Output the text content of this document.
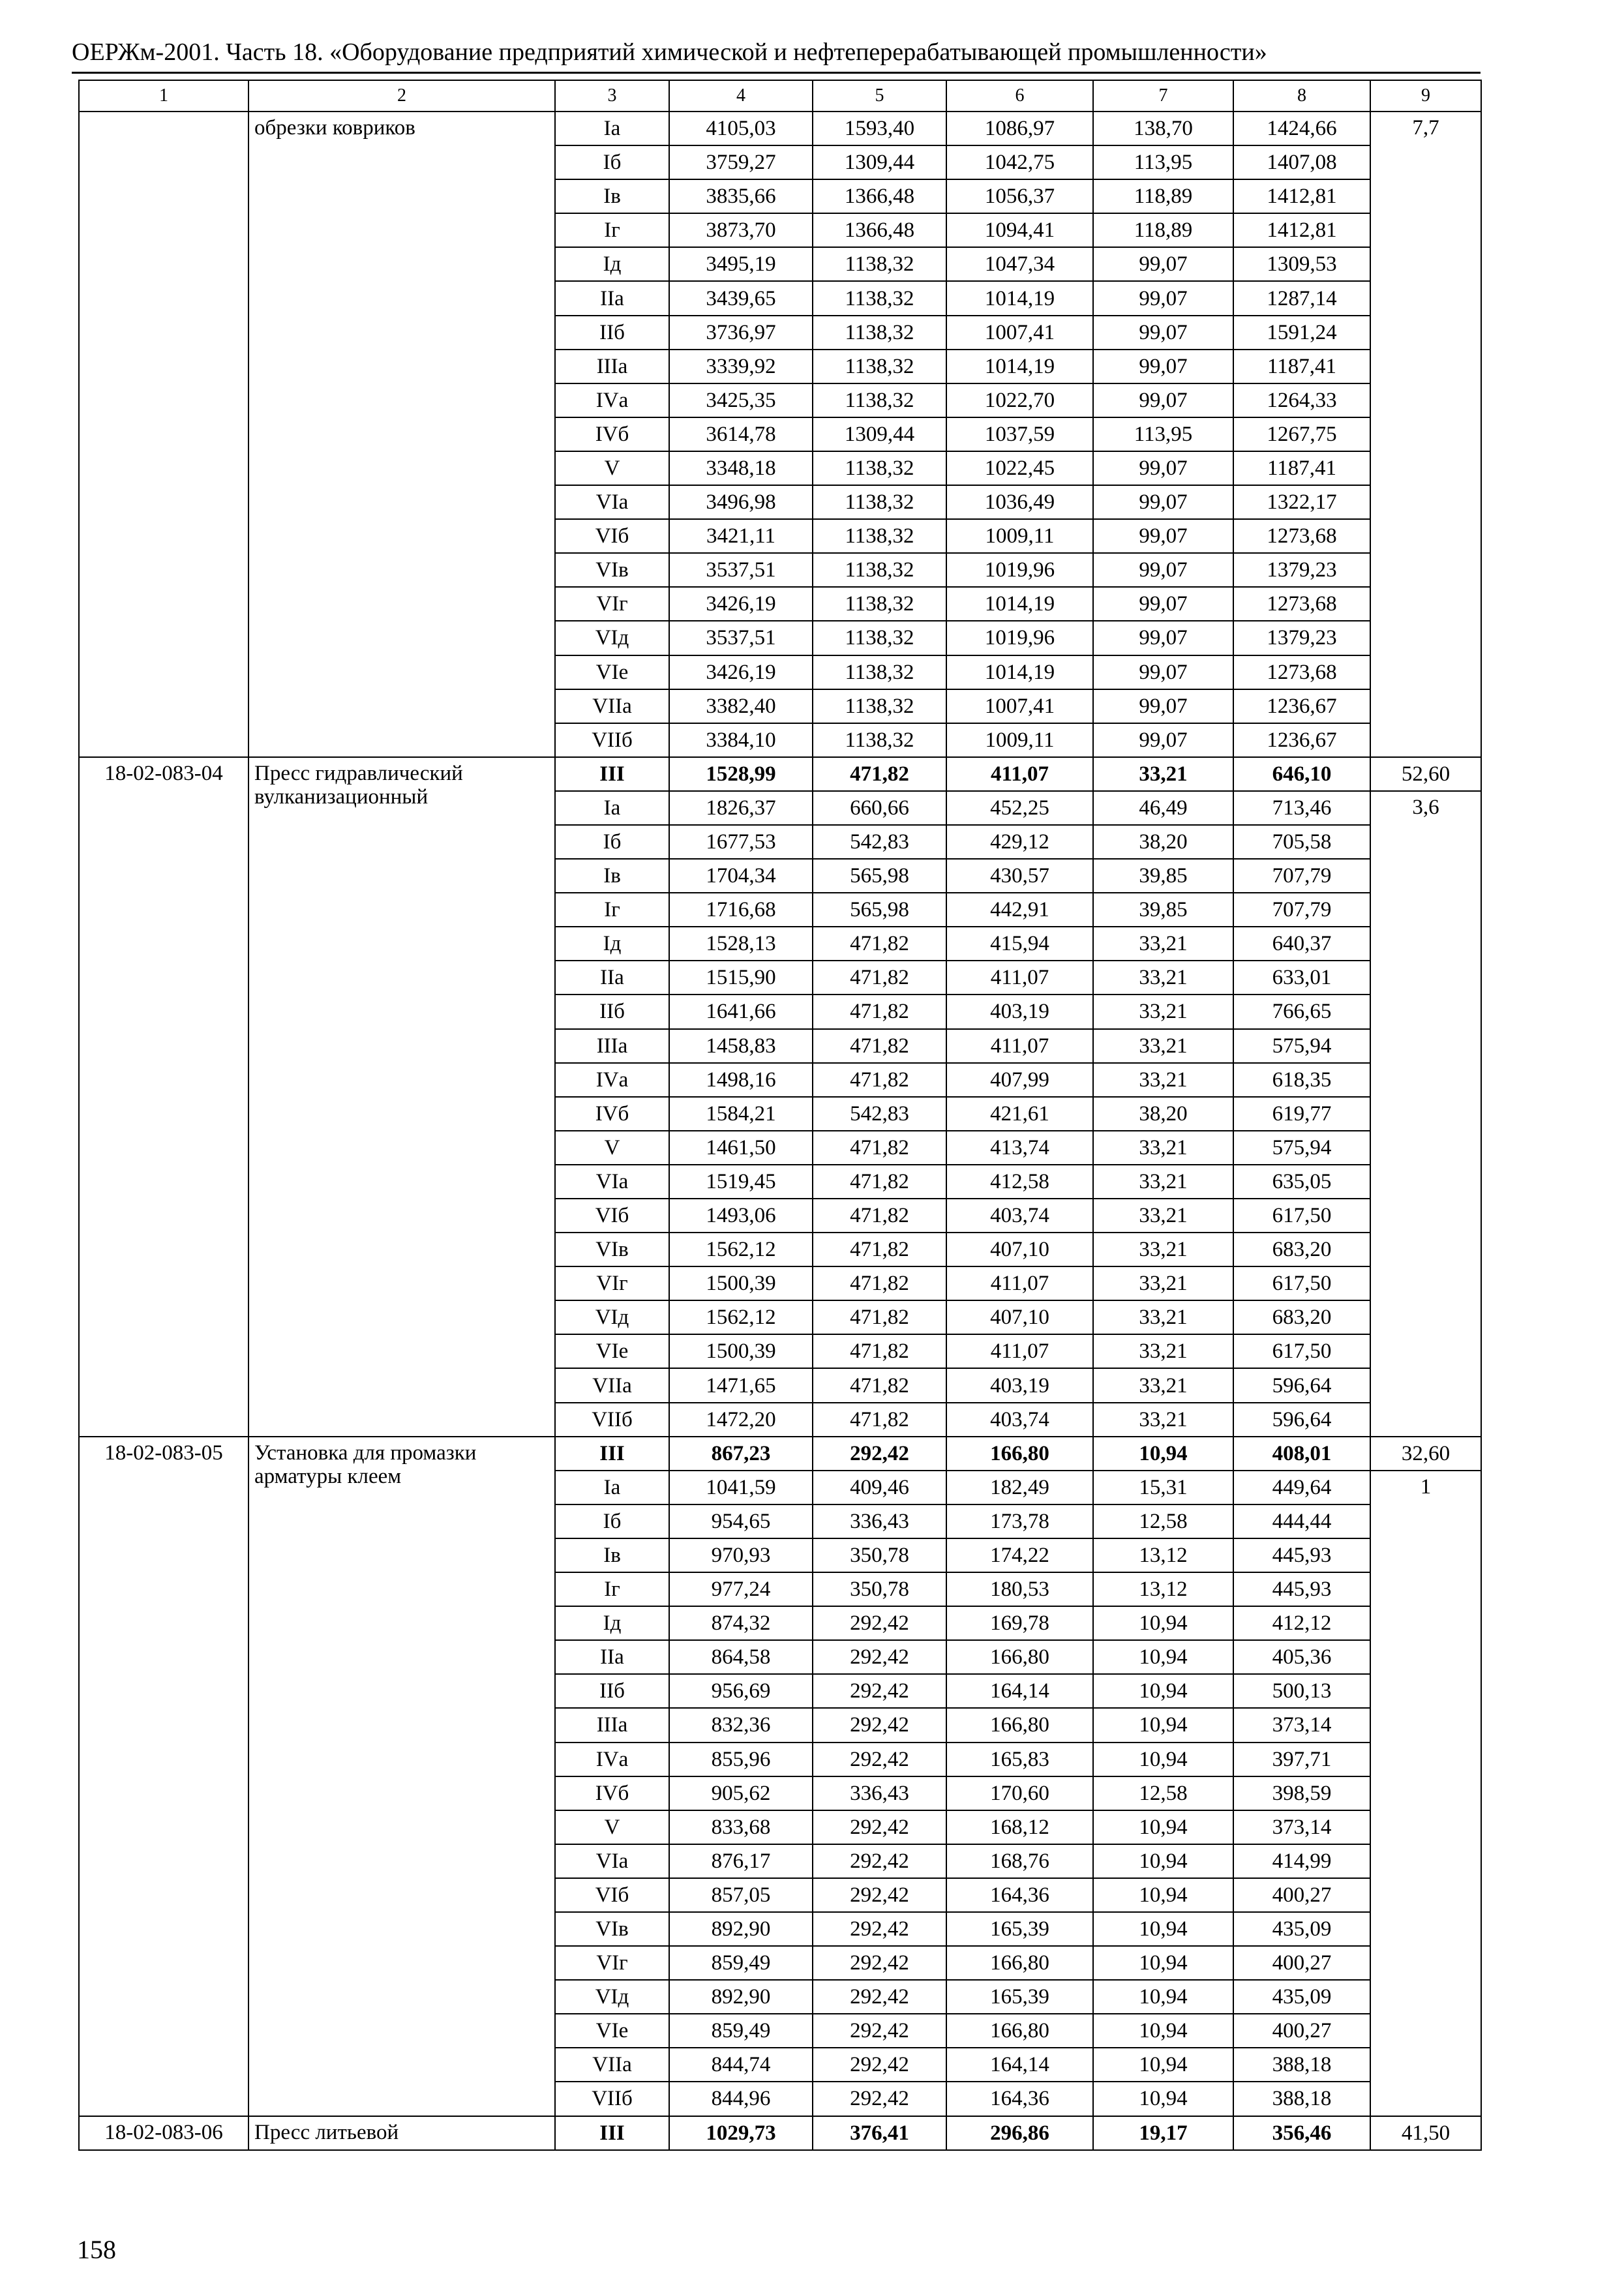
ОЕРЖм-2001. Часть 18. «Оборудование предприятий химической и нефтеперерабатывающей промышленности»
1	2	3	4	5	6	7	8	9
	обрезки ковриков	Iа	4105,03	1593,40	1086,97	138,70	1424,66	7,7
		Iб	3759,27	1309,44	1042,75	113,95	1407,08	
		Iв	3835,66	1366,48	1056,37	118,89	1412,81	
		Iг	3873,70	1366,48	1094,41	118,89	1412,81	
		Iд	3495,19	1138,32	1047,34	99,07	1309,53	
		IIа	3439,65	1138,32	1014,19	99,07	1287,14	
		IIб	3736,97	1138,32	1007,41	99,07	1591,24	
		IIIа	3339,92	1138,32	1014,19	99,07	1187,41	
		IVа	3425,35	1138,32	1022,70	99,07	1264,33	
		IVб	3614,78	1309,44	1037,59	113,95	1267,75	
		V	3348,18	1138,32	1022,45	99,07	1187,41	
		VIа	3496,98	1138,32	1036,49	99,07	1322,17	
		VIб	3421,11	1138,32	1009,11	99,07	1273,68	
		VIв	3537,51	1138,32	1019,96	99,07	1379,23	
		VIг	3426,19	1138,32	1014,19	99,07	1273,68	
		VIд	3537,51	1138,32	1019,96	99,07	1379,23	
		VIе	3426,19	1138,32	1014,19	99,07	1273,68	
		VIIа	3382,40	1138,32	1007,41	99,07	1236,67	
		VIIб	3384,10	1138,32	1009,11	99,07	1236,67	
18-02-083-04	Пресс гидравлический вулканизационный	III	1528,99	471,82	411,07	33,21	646,10	52,60
		Iа	1826,37	660,66	452,25	46,49	713,46	3,6
		Iб	1677,53	542,83	429,12	38,20	705,58	
		Iв	1704,34	565,98	430,57	39,85	707,79	
		Iг	1716,68	565,98	442,91	39,85	707,79	
		Iд	1528,13	471,82	415,94	33,21	640,37	
		IIа	1515,90	471,82	411,07	33,21	633,01	
		IIб	1641,66	471,82	403,19	33,21	766,65	
		IIIа	1458,83	471,82	411,07	33,21	575,94	
		IVа	1498,16	471,82	407,99	33,21	618,35	
		IVб	1584,21	542,83	421,61	38,20	619,77	
		V	1461,50	471,82	413,74	33,21	575,94	
		VIа	1519,45	471,82	412,58	33,21	635,05	
		VIб	1493,06	471,82	403,74	33,21	617,50	
		VIв	1562,12	471,82	407,10	33,21	683,20	
		VIг	1500,39	471,82	411,07	33,21	617,50	
		VIд	1562,12	471,82	407,10	33,21	683,20	
		VIе	1500,39	471,82	411,07	33,21	617,50	
		VIIа	1471,65	471,82	403,19	33,21	596,64	
		VIIб	1472,20	471,82	403,74	33,21	596,64	
18-02-083-05	Установка для промазки арматуры клеем	III	867,23	292,42	166,80	10,94	408,01	32,60
		Iа	1041,59	409,46	182,49	15,31	449,64	1
		Iб	954,65	336,43	173,78	12,58	444,44	
		Iв	970,93	350,78	174,22	13,12	445,93	
		Iг	977,24	350,78	180,53	13,12	445,93	
		Iд	874,32	292,42	169,78	10,94	412,12	
		IIа	864,58	292,42	166,80	10,94	405,36	
		IIб	956,69	292,42	164,14	10,94	500,13	
		IIIа	832,36	292,42	166,80	10,94	373,14	
		IVа	855,96	292,42	165,83	10,94	397,71	
		IVб	905,62	336,43	170,60	12,58	398,59	
		V	833,68	292,42	168,12	10,94	373,14	
		VIа	876,17	292,42	168,76	10,94	414,99	
		VIб	857,05	292,42	164,36	10,94	400,27	
		VIв	892,90	292,42	165,39	10,94	435,09	
		VIг	859,49	292,42	166,80	10,94	400,27	
		VIд	892,90	292,42	165,39	10,94	435,09	
		VIе	859,49	292,42	166,80	10,94	400,27	
		VIIа	844,74	292,42	164,14	10,94	388,18	
		VIIб	844,96	292,42	164,36	10,94	388,18	
18-02-083-06	Пресс литьевой	III	1029,73	376,41	296,86	19,17	356,46	41,50
158
